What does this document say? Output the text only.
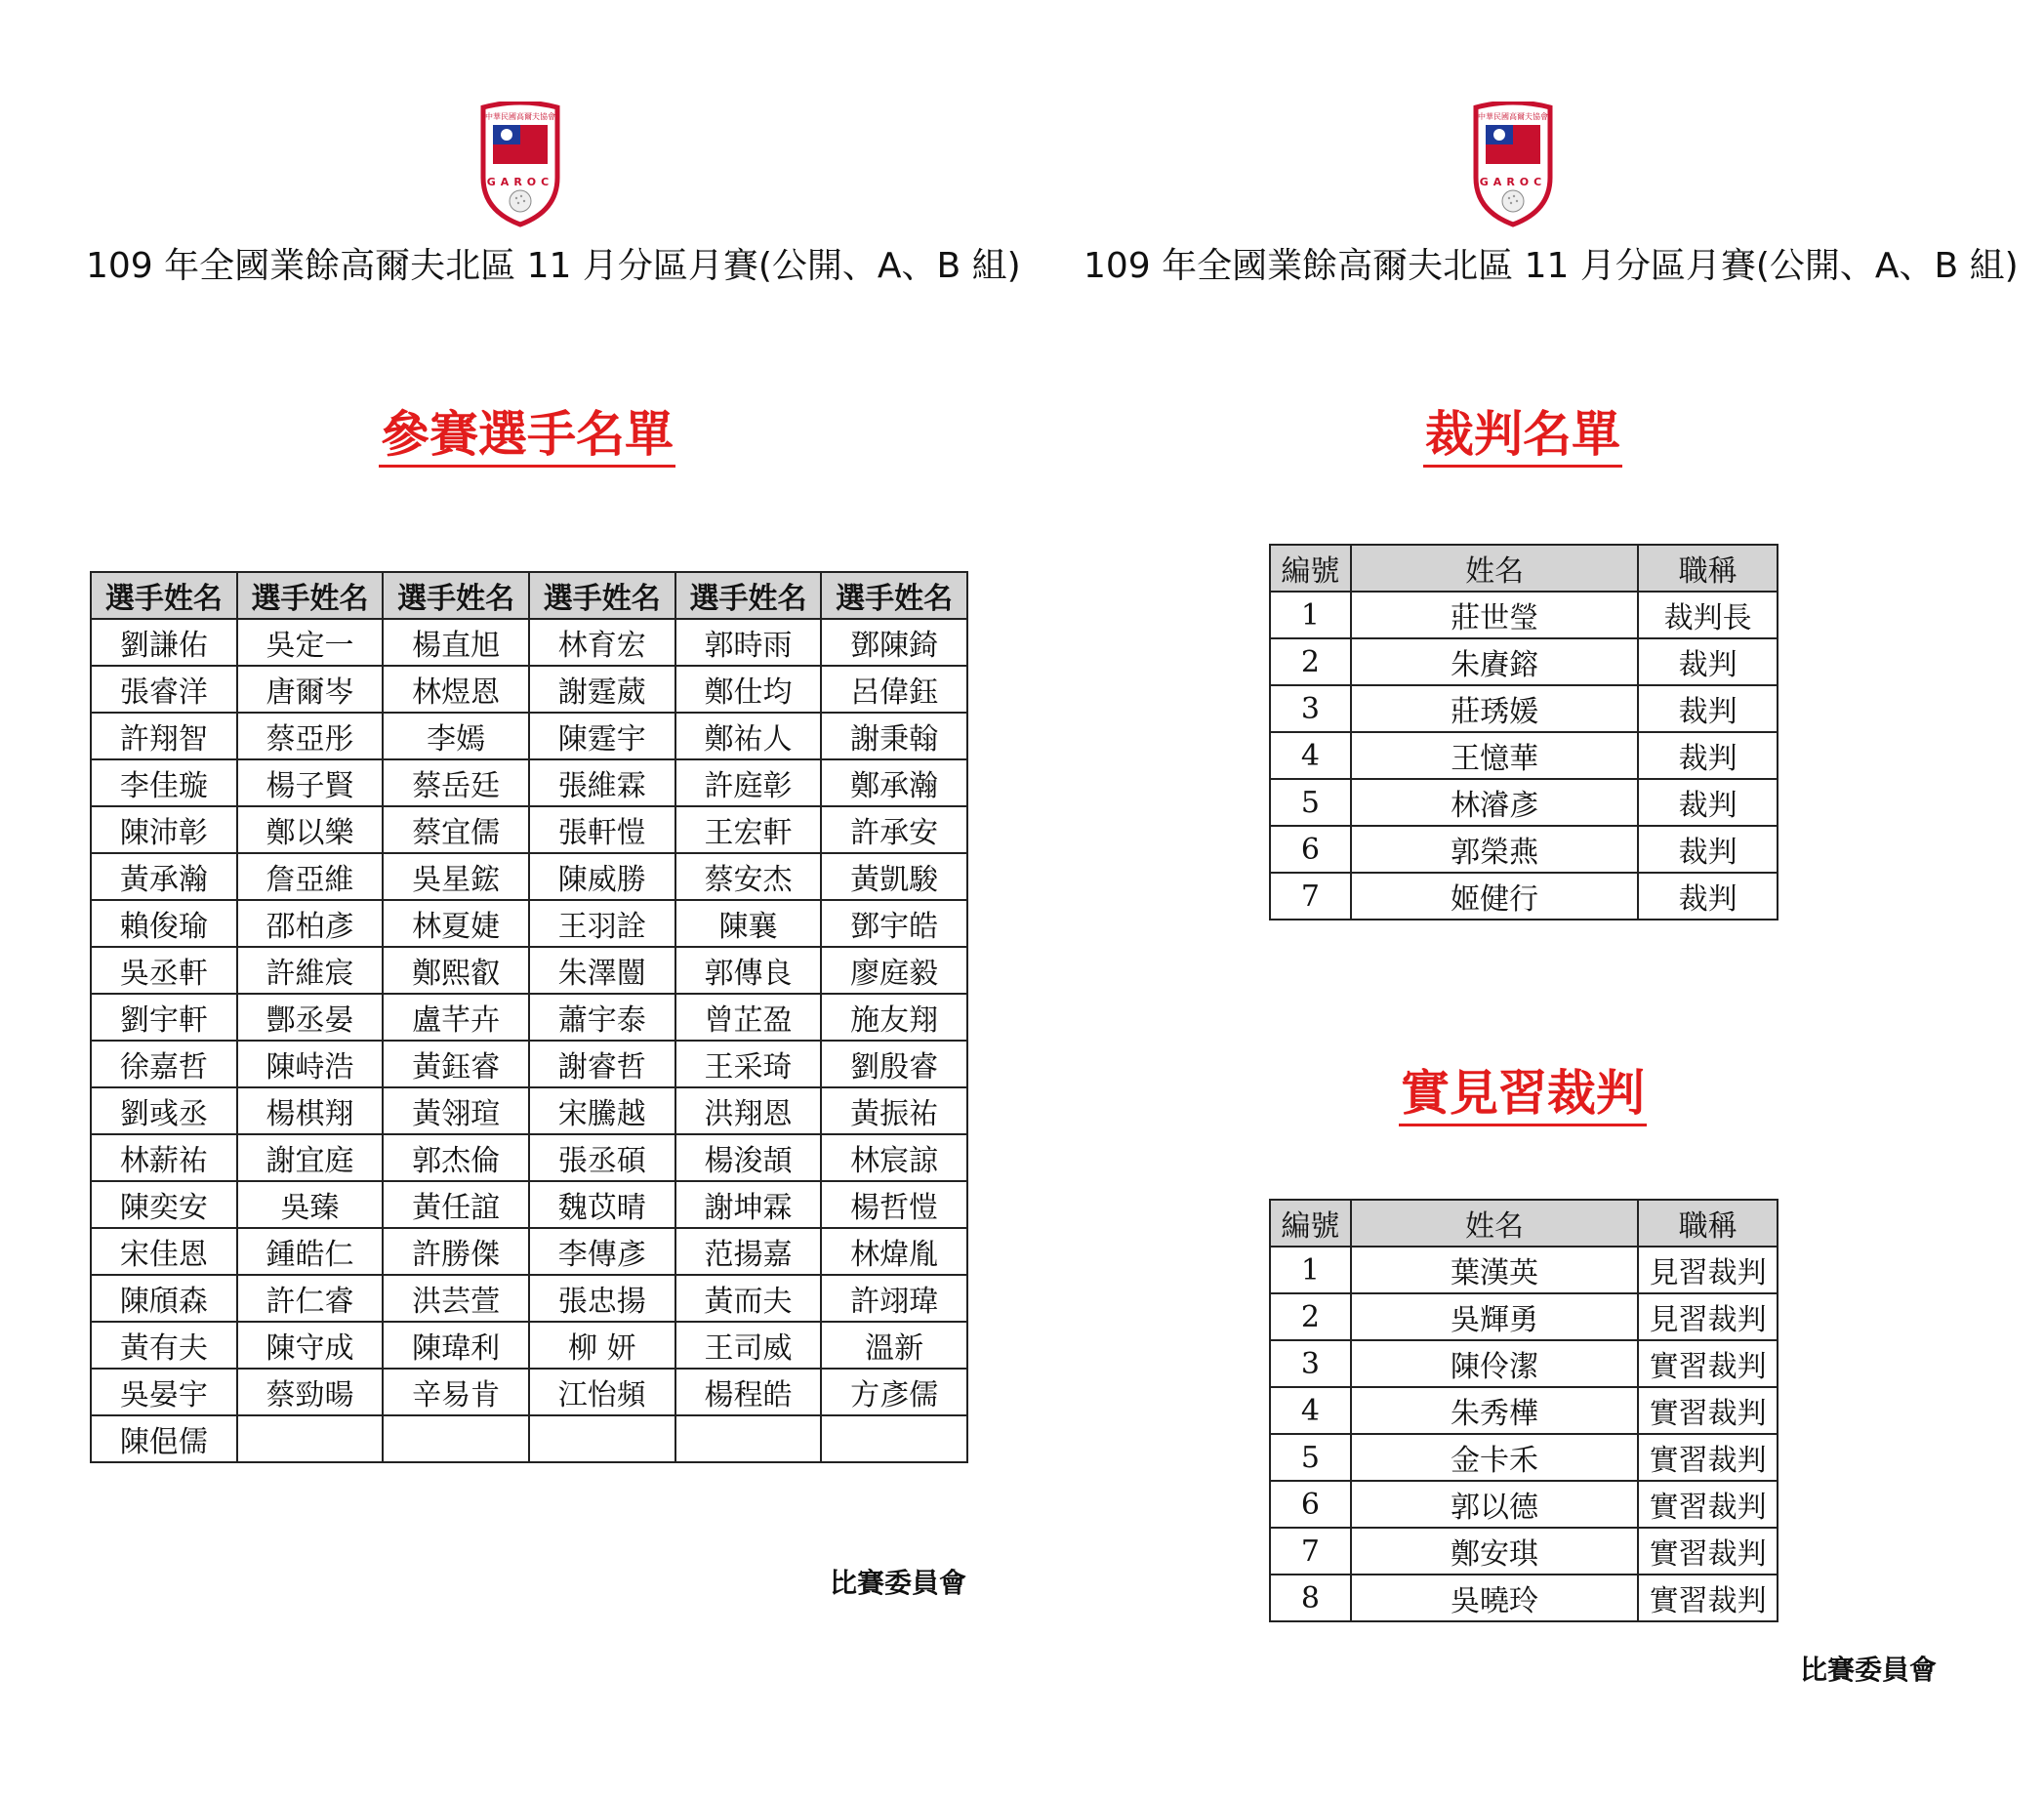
中華民國高爾夫協會
GAROC
109 年全國業餘高爾夫北區 11 月分區月賽(公開、A、B 組)
參賽選手名單
選手姓名	選手姓名	選手姓名	選手姓名	選手姓名	選手姓名
劉謙佑	吳定一	楊直旭	林育宏	郭時雨	鄧陳錡
張睿洋	唐爾岑	林煜恩	謝霆葳	鄭仕均	呂偉鈺
許翔智	蔡亞彤	李嫣	陳霆宇	鄭祐人	謝秉翰
李佳璇	楊子賢	蔡岳廷	張維霖	許庭彰	鄭承瀚
陳沛彰	鄭以樂	蔡宜儒	張軒愷	王宏軒	許承安
黃承瀚	詹亞維	吳星鋐	陳威勝	蔡安杰	黃凱駿
賴俊瑜	邵柏彥	林夏婕	王羽詮	陳襄	鄧宇皓
吳丞軒	許維宸	鄭熙叡	朱澤闓	郭傳良	廖庭毅
劉宇軒	酆丞晏	盧芊卉	蕭宇泰	曾芷盈	施友翔
徐嘉哲	陳峙浩	黃鈺睿	謝睿哲	王采琦	劉殷睿
劉彧丞	楊棋翔	黃翎瑄	宋騰越	洪翔恩	黃振祐
林薪祐	謝宜庭	郭杰倫	張丞碩	楊浚頡	林宸諒
陳奕安	吳臻	黃任誼	魏苡晴	謝坤霖	楊哲愷
宋佳恩	鍾皓仁	許勝傑	李傳彥	范揚嘉	林煒胤
陳頎森	許仁睿	洪芸萱	張忠揚	黃而夫	許翊瑋
黃有夫	陳守成	陳瑋利	柳 妍	王司威	溫新
吳晏宇	蔡勁暘	辛易肯	江怡頻	楊程皓	方彥儒
陳俋儒					
比賽委員會
中華民國高爾夫協會
GAROC
109 年全國業餘高爾夫北區 11 月分區月賽(公開、A、B 組)
裁判名單
編號	姓名	職稱
1	莊世瑩	裁判長
2	朱賡鎔	裁判
3	莊琇媛	裁判
4	王憶華	裁判
5	林濬彥	裁判
6	郭榮燕	裁判
7	姬健行	裁判
實見習裁判
編號	姓名	職稱
1	葉漢英	見習裁判
2	吳輝勇	見習裁判
3	陳伶潔	實習裁判
4	朱秀樺	實習裁判
5	金卡禾	實習裁判
6	郭以德	實習裁判
7	鄭安琪	實習裁判
8	吳曉玲	實習裁判
比賽委員會
